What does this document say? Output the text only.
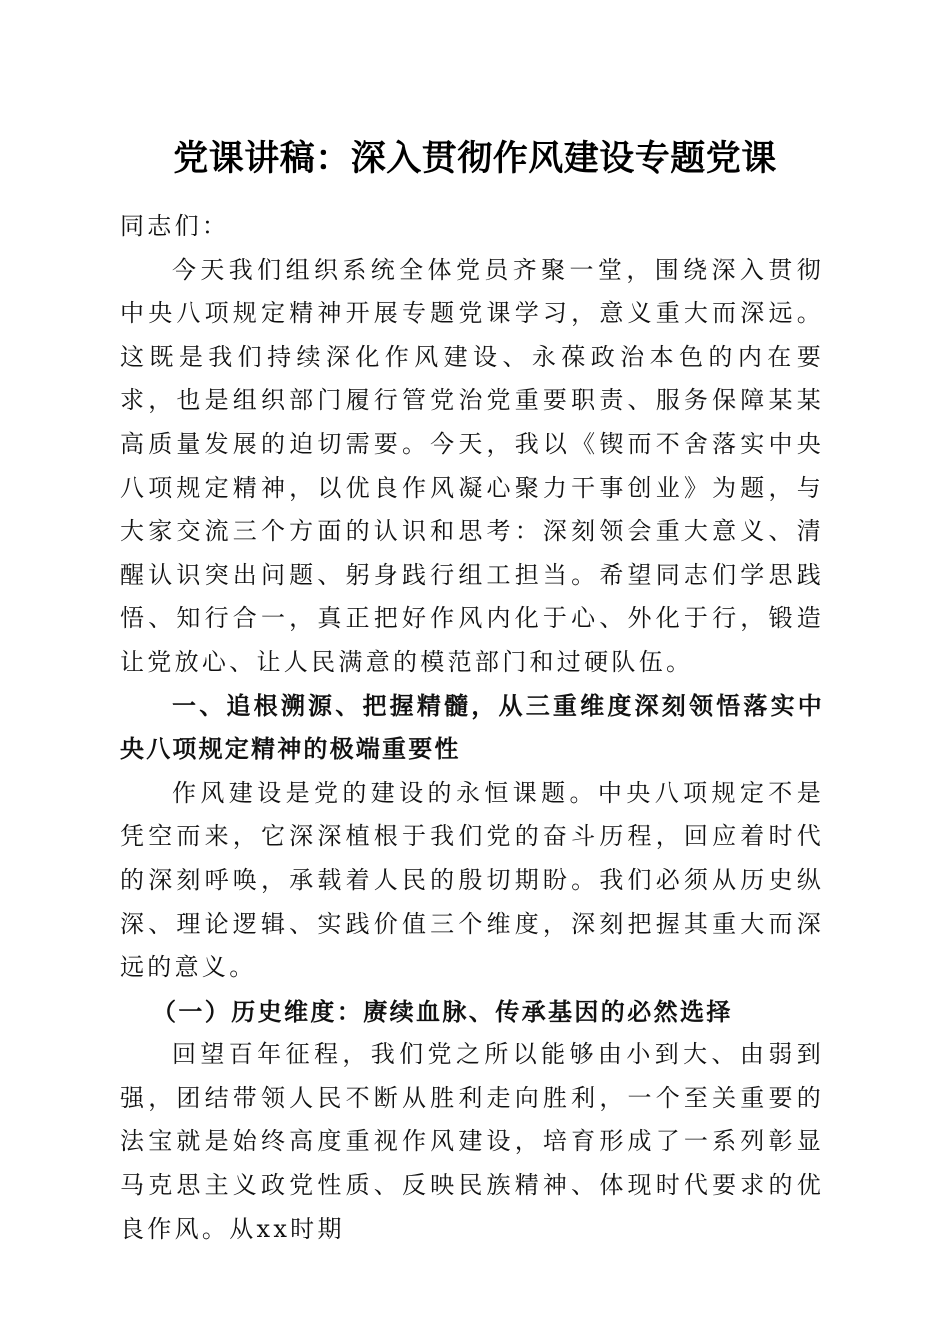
党课讲稿：深入贯彻作风建设专题党课

同志们：

今天我们组织系统全体党员齐聚一堂，围绕深入贯彻中央八项规定精神开展专题党课学习，意义重大而深远。这既是我们持续深化作风建设、永葆政治本色的内在要求，也是组织部门履行管党治党重要职责、服务保障某某高质量发展的迫切需要。今天，我以《锲而不舍落实中央八项规定精神，以优良作风凝心聚力干事创业》为题，与大家交流三个方面的认识和思考：深刻领会重大意义、清醒认识突出问题、躬身践行组工担当。希望同志们学思践悟、知行合一，真正把好作风内化于心、外化于行，锻造让党放心、让人民满意的模范部门和过硬队伍。

一、追根溯源、把握精髓，从三重维度深刻领悟落实中央八项规定精神的极端重要性

作风建设是党的建设的永恒课题。中央八项规定不是凭空而来，它深深植根于我们党的奋斗历程，回应着时代的深刻呼唤，承载着人民的殷切期盼。我们必须从历史纵深、理论逻辑、实践价值三个维度，深刻把握其重大而深远的意义。

（一）历史维度：赓续血脉、传承基因的必然选择

回望百年征程，我们党之所以能够由小到大、由弱到强，团结带领人民不断从胜利走向胜利，一个至关重要的法宝就是始终高度重视作风建设，培育形成了一系列彰显马克思主义政党性质、反映民族精神、体现时代要求的优良作风。从xx时期
